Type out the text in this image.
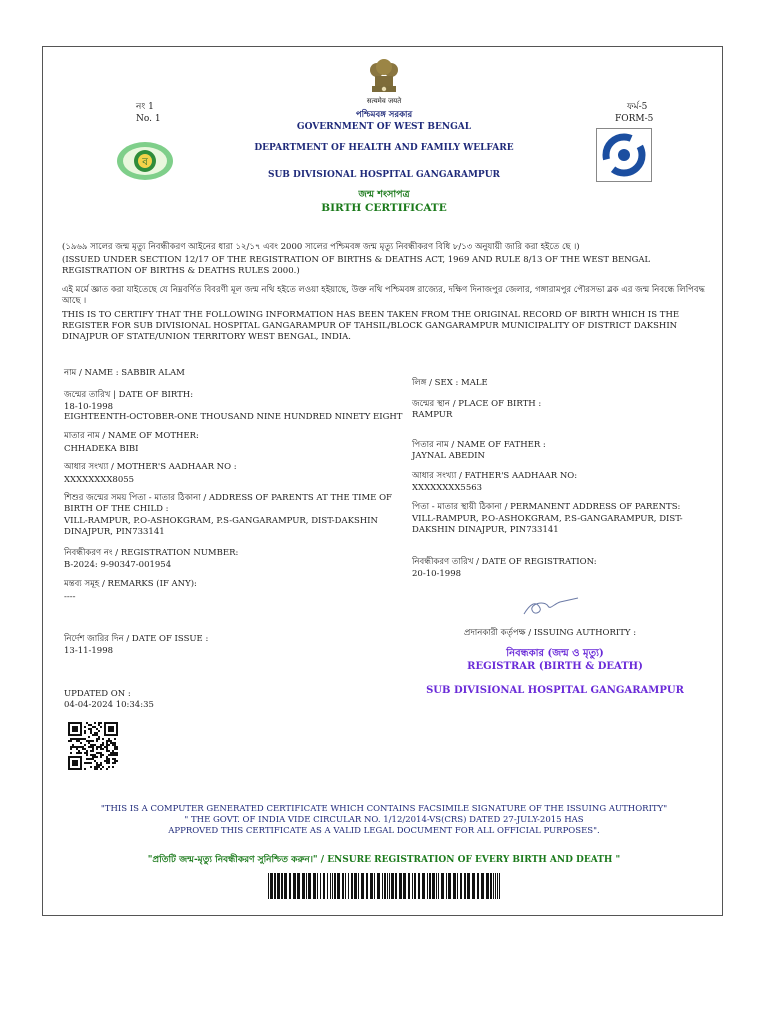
सत्यमेव जयते
নং 1
No. 1
ফর্ম-5
FORM-5
পশ্চিমবঙ্গ সরকার
GOVERNMENT OF WEST BENGAL
DEPARTMENT OF HEALTH AND FAMILY WELFARE
SUB DIVISIONAL HOSPITAL GANGARAMPUR
জন্ম শংসাপত্র
BIRTH CERTIFICATE
ব
(১৯৬৯ সালের জন্ম মৃত্যু নিবন্ধীকরণ আইনের ধারা ১২/১৭ এবং 2000 সালের পশ্চিমবঙ্গ জন্ম মৃত্যু নিবন্ধীকরণ বিধি ৮/১৩ অনুযায়ী জারি করা হইতে ছে ।)
(ISSUED UNDER SECTION 12/17 OF THE REGISTRATION OF BIRTHS & DEATHS ACT, 1969 AND RULE 8/13 OF THE WEST BENGAL REGISTRATION OF BIRTHS & DEATHS RULES 2000.)
এই মর্মে জ্ঞাত করা যাইতেছে যে নিম্নবর্ণিত বিবরণী মূল জন্ম নথি হইতে লওয়া হইয়াছে, উক্ত নথি পশ্চিমবঙ্গ রাজ্যের, দক্ষিণ দিনাজপুর জেলার, গঙ্গারামপুর পৌরসভা ব্লক এর জন্ম নিবন্ধে লিপিবদ্ধ আছে ।
THIS IS TO CERTIFY THAT THE FOLLOWING INFORMATION HAS BEEN TAKEN FROM THE ORIGINAL RECORD OF BIRTH WHICH IS THE REGISTER FOR SUB DIVISIONAL HOSPITAL GANGARAMPUR OF TAHSIL/BLOCK GANGARAMPUR MUNICIPALITY OF DISTRICT DAKSHIN DINAJPUR OF STATE/UNION TERRITORY WEST BENGAL, INDIA.
নাম / NAME : SABBIR ALAM
জন্মের তারিখ | DATE OF BIRTH:
18-10-1998
EIGHTEENTH-OCTOBER-ONE THOUSAND NINE HUNDRED NINETY EIGHT
মাতার নাম / NAME OF MOTHER:
CHHADEKA BIBI
আধার সংখ্যা / MOTHER'S AADHAAR NO :
XXXXXXXX8055
শিশুর জন্মের সময় পিতা - মাতার ঠিকানা / ADDRESS OF PARENTS AT THE TIME OF BIRTH OF THE CHILD :
VILL-RAMPUR, P.O-ASHOKGRAM, P.S-GANGARAMPUR, DIST-DAKSHIN DINAJPUR, PIN733141
নিবন্ধীকরণ নং / REGISTRATION NUMBER:
B-2024: 9-90347-001954
মন্তব্য সমূহ / REMARKS (IF ANY):
----
নির্দেশ জারির দিন / DATE OF ISSUE :
13-11-1998
UPDATED ON :
04-04-2024 10:34:35
লিঙ্গ / SEX : MALE
জন্মের স্থান / PLACE OF BIRTH :
RAMPUR
পিতার নাম / NAME OF FATHER :
JAYNAL ABEDIN
আধার সংখ্যা / FATHER'S AADHAAR NO:
XXXXXXXX5563
পিতা - মাতার স্থায়ী ঠিকানা / PERMANENT ADDRESS OF PARENTS:
VILL-RAMPUR, P.O-ASHOKGRAM, P.S-GANGARAMPUR, DIST-DAKSHIN DINAJPUR, PIN733141
নিবন্ধীকরণ তারিখ / DATE OF REGISTRATION:
20-10-1998
প্রদানকারী কর্তৃপক্ষ / ISSUING AUTHORITY :
নিবন্ধকার (জন্ম ও মৃত্যু)
REGISTRAR (BIRTH & DEATH)
SUB DIVISIONAL HOSPITAL GANGARAMPUR
"THIS IS A COMPUTER GENERATED CERTIFICATE WHICH CONTAINS FACSIMILE SIGNATURE OF THE ISSUING AUTHORITY"
" THE GOVT. OF INDIA VIDE CIRCULAR NO. 1/12/2014-VS(CRS) DATED 27-JULY-2015 HAS
APPROVED THIS CERTIFICATE AS A VALID LEGAL DOCUMENT FOR ALL OFFICIAL PURPOSES".
"প্রতিটি জন্ম-মৃত্যু নিবন্ধীকরণ সুনিশ্চিত করুন।" / ENSURE REGISTRATION OF EVERY BIRTH AND DEATH "
